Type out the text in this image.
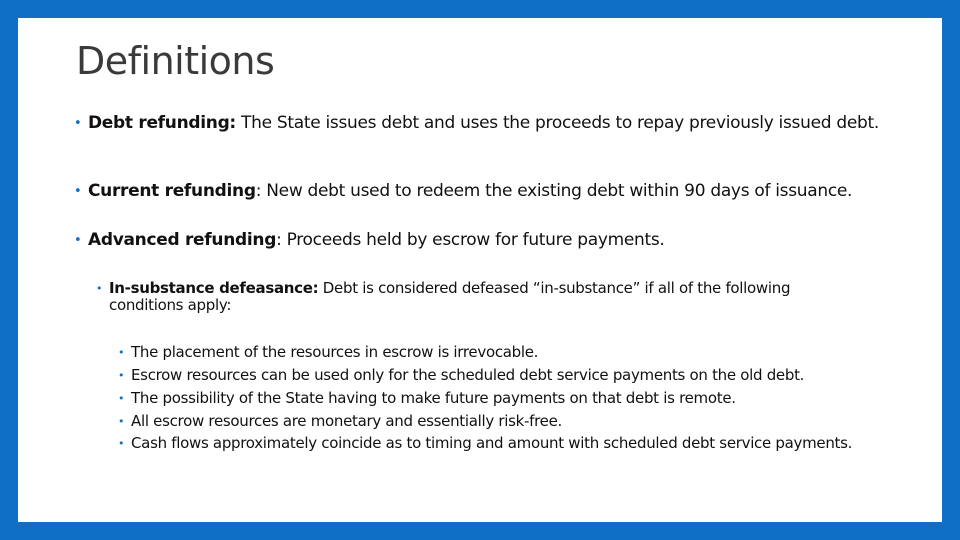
Definitions
• Debt refunding: The State issues debt and uses the proceeds to repay previously issued debt.
• Current refunding: New debt used to redeem the existing debt within 90 days of issuance.
• Advanced refunding: Proceeds held by escrow for future payments.
• In-substance defeasance: Debt is considered defeased “in-substance” if all of the following conditions apply:
• The placement of the resources in escrow is irrevocable.
• Escrow resources can be used only for the scheduled debt service payments on the old debt.
• The possibility of the State having to make future payments on that debt is remote.
• All escrow resources are monetary and essentially risk-free.
• Cash flows approximately coincide as to timing and amount with scheduled debt service payments.
